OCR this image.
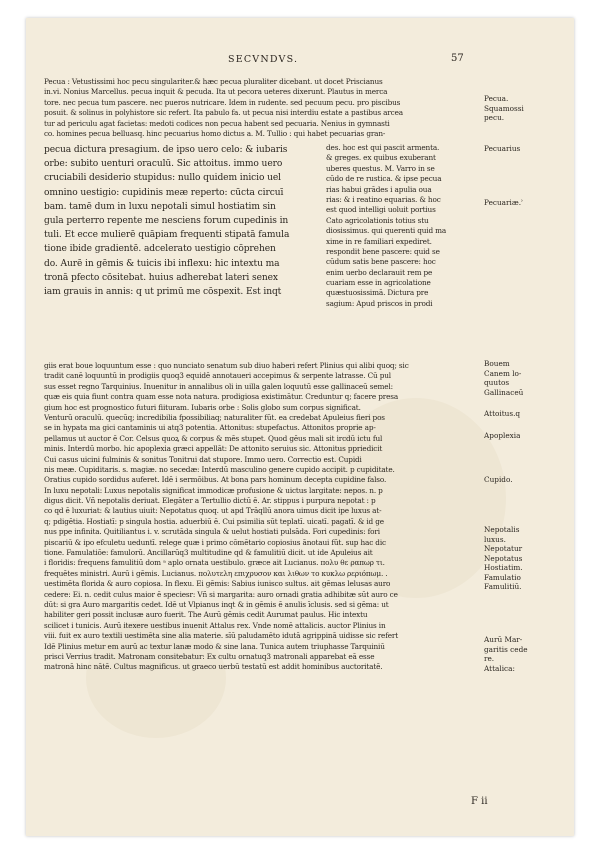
SECVNDVS.	57
Pecua : Vetustissimi hoc pecu singulariter.& hæc pecua pluraliter dicebant. ut docet Priscianus
in.vi. Nonius Marcellus. pecua inquit & pecuda. Ita ut pecora ueteres dixerunt. Plautus in merca
tore. nec pecua tum pascere. nec pueros nutricare. Idem in rudente. sed pecuum pecu. pro piscibus
posuit. & solinus in polyhistore sic refert. Ita pabulo fa. ut pecua nisi interdiu estate a pastibus arcea
tur ad periculu agat facietas: medoti codices non pecua habent sed pecuaria. Nenius in gymnasti
co. homines pecua belluasq. hinc pecuarius homo dictus a. M. Tullio : qui habet pecuarias gran-
pecua dictura presagium. de ipso uero celo: & iubaris
orbe: subito uenturi oraculū. Sic attoitus. immo uero
cruciabili desiderio stupidus: nullo quidem inicio uel
omnino uestigio: cupidinis meæ reperto: cūcta circuī
bam. tamē dum in luxu nepotali simul hostiatim sin
gula perterro repente me nesciens forum cupedinis in
tuli. Et ecce mulierē quāpiam frequenti stipatā famula
tione ibide gradientē. adcelerato uestigio cōprehen
do. Aurē in gēmis & tuicis ibi inflexu: hic intextu ma
tronā pfecto cōsitebat. huius adherebat lateri senex
iam grauis in annis: q ut primū me cōspexit. Est inqt
des. hoc est qui pascit armenta.
& greges. ex quibus exuberant
uberes questus. M. Varro in se
cūdo de re rustica. & ipse pecua
rias habui grādes i apulia oua
rias: & i reatino equarias. & hoc
est quod intelligi uoluit portius
Cato agricolationis totius stu
diosissimus. qui querenti quid ma
xime in re familiari expediret.
respondit bene pascere: quid se
cūdum satis bene pascere: hoc
enim uerbo declarauit rem pe
cuariam esse in agricolatione
quæstuosissimā. Dictura pre
sagium: Apud priscos in prodi
giis erat boue loquuntum esse : quo nunciato senatum sub diuo haberi refert Plinius qui alibi quoq; sic
tradit canē loquuntū in prodigiis quoq3 equidē annotaueri accepimus & serpente latrasse. Cū pul
sus esset regno Tarquinius. Inuenitur in annalibus oli in uilla galen loquutū esse gallinaceū semel:
quæ eis quia fiunt contra quam esse nota natura. prodigiosa existimātur. Creduntur q; facere presa
gium hoc est prognostico futuri fiituram. Iubaris orbe : Solis globo sum corpus significat.
Venturū oraculū. quecūq; incredibilia fpossibiliaq; naturaliter fūt. ea credebat Apuleius fieri pos
se in hypata ma gici cantaminis ui atq3 potentia. Attonitus: stupefactus. Attonitos proprie ap-
pellamus ut auctor ē Cor. Celsus quoꝝ & corpus & mēs stupet. Quod gēus mali sit ircdū ictu ful
minis. Interdū morbo. hic apoplexia græci appellāt: De attonito seruius sic. Attonitus ppriedicit
Cui casus uicini fulminis & sonitus Tonitrui dat stupore. Immo uero. Correctio est. Cupidi
nis meæ. Cupiditaris. s. magiæ. no secedæ: Interdū masculino genere cupido accipit. p cupiditate.
Oratius cupido sordidus auferet. Idē i sermōibus. At bona pars hominum decepta cupidine falso.
In luxu nepotali: Luxus nepotalis significat immodicæ profusione & uictus largitate: nepos. n. p
digus dicit. Vñ nepotalis deriuat. Elegāter a Tertullio dictū ē. Ar. stippus i purpura nepotat : p
co qd ē luxuriat: & lautius uiuit: Nepotatus quoq. ut apd Trāqllū anora uimus dicit ipe luxus at-
q; pdigētia. Hostiatī: p singula hostia. aduerbiū ē. Cui psimilia sūt teplatī. uicatī. pagatī. & id ge
nus ppe infinita. Quitiliantus i. v. scrutāda singula & uelut hostiati pulsāda. Fori cupedinis: fori
piscariū & ipo efculetu ueduntī. relege quæ i primo cōmētario copiosius ānotaui fūt. sup hac dic
tione. Famulatiōe: famulorū. Ancillarūq3 multitudine qd & famulitiū dicit. ut ide Apuleius ait
i floridis: frequens famulitiū dom ᵃ aplo ornata uestibulo. græce ait Lucianus. πολυ θε ραπωρ τι.
frequētes ministri. Aurū i gēmis. Lucianus. πολυτελη επιχρυσον και λιθων το κυκλω ρεριόπωμ. .
uestimēta florida & auro copiosa. In flexu. Ei gēmis: Sabius iunisco sultus. ait gēmas lelusas auro
cedere: Ei. n. cedit culus maior ē speciesr: Vñ si margarita: auro ornadi gratia adhibitæ sūt auro ce
dūt: si gra Auro margaritis cedet. Idē ut Vlpianus inqt & in gēmis ē anulis īclusis. sed si gēma: ut
habiliter geri possit inclusæ auro fuerit. The Aurū gēmis cedit Aurumat paulus. Hic intextu
scilicet i tunicis. Aurū itexere uestibus inuenit Attalus rex. Vnde nomē attalicis. auctor Plinius in
viii. fuit ex auro textili uestimēta sine alia materie. sīū paludamēto idutā agrippinā uidisse sic refert
Idē Plinius metur em aurū ac textur lanæ modo & sine lana. Tunica autem triuphasse Tarquiniū
prisci Verrius tradit. Matronam consitebatur: Ex cultu ornatuq3 matronali apparebat eā esse
matronā hinc nātē. Cultus magnificus. ut graeco uerbū testatū est addit hominibus auctoritatē.
Pecua.
Squamossi
pecu.
Pecuarius
Pecuariæ.ʾ
Bouem
Canem lo-
quutos
Gallinaceū
Attoitus.q
Apoplexia
Cupido.
Nepotalis
luxus.
Nepotatur
Nepotatus
Hostiatim.
Famulatio
Famulitiū.
Aurū Mar-
garitis cede
re.
Attalica:
F ii
